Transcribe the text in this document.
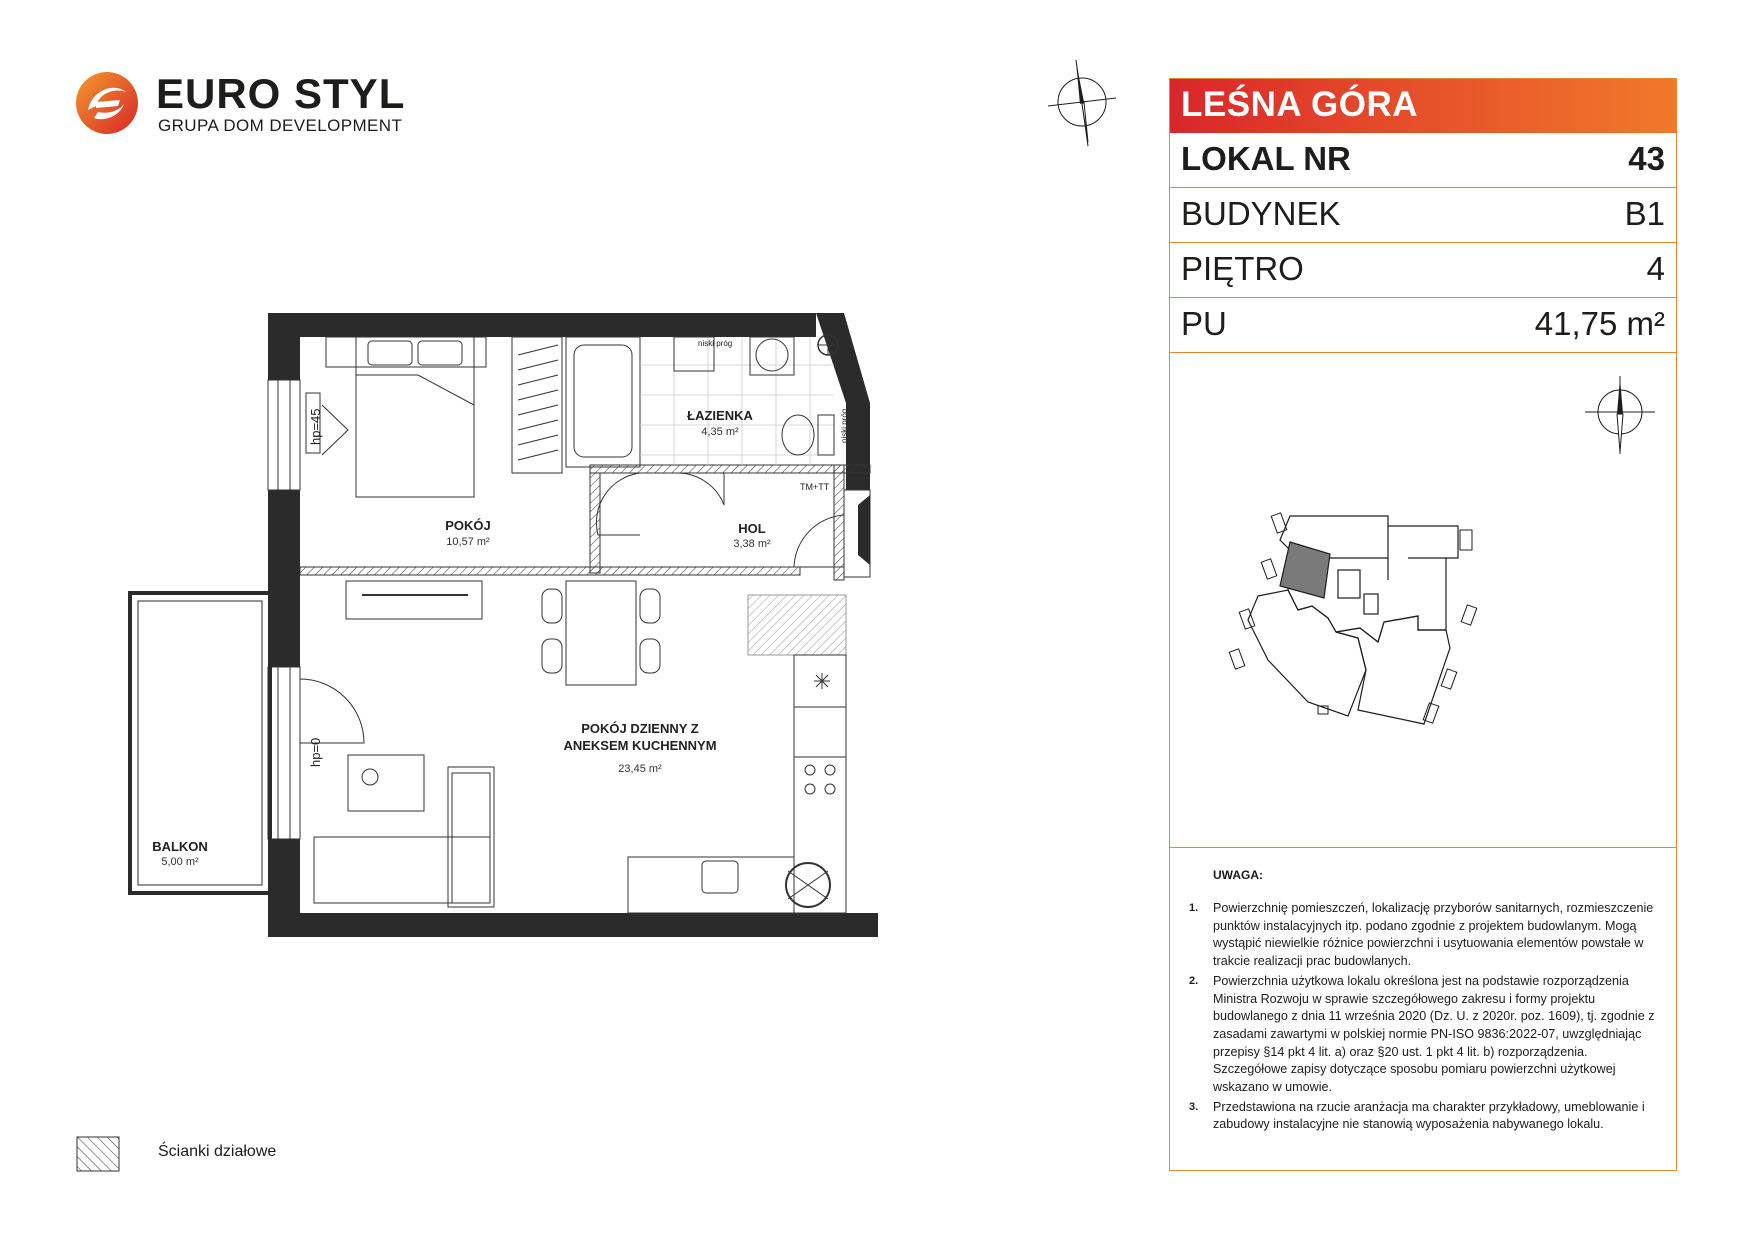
EURO STYL
GRUPA DOM DEVELOPMENT
POKÓJ
10,57 m²
ŁAZIENKA
4,35 m²
HOL
3,38 m²
POKÓJ DZIENNY Z
ANEKSEM KUCHENNYM
23,45 m²
BALKON
5,00 m²
hp=45
hp=0
niski próg
niski próg
TM+TT
LEŚNA GÓRA
LOKAL NR	43
BUDYNEK	B1
PIĘTRO	4
PU	41,75 m²
UWAGA:
1. Powierzchnię pomieszczeń, lokalizację przyborów sanitarnych, rozmieszczenie punktów instalacyjnych itp. podano zgodnie z projektem budowlanym. Mogą wystąpić niewielkie różnice powierzchni i usytuowania elementów powstałe w trakcie realizacji prac budowlanych.
2. Powierzchnia użytkowa lokalu określona jest na podstawie rozporządzenia Ministra Rozwoju w sprawie szczegółowego zakresu i formy projektu budowlanego z dnia 11 września 2020 (Dz. U. z 2020r. poz. 1609), tj. zgodnie z zasadami zawartymi w polskiej normie PN-ISO 9836:2022-07, uwzględniając przepisy §14 pkt 4 lit. a) oraz §20 ust. 1 pkt 4 lit. b) rozporządzenia. Szczegółowe zapisy dotyczące sposobu pomiaru powierzchni użytkowej wskazano w umowie.
3. Przedstawiona na rzucie aranżacja ma charakter przykładowy, umeblowanie i zabudowy instalacyjne nie stanowią wyposażenia nabywanego lokalu.
Ścianki działowe
